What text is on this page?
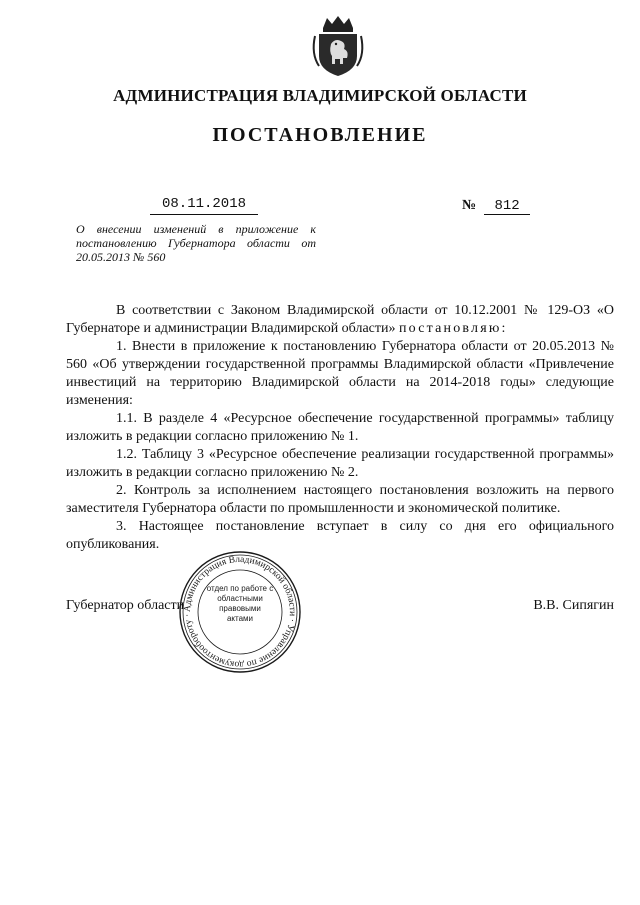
АДМИНИСТРАЦИЯ ВЛАДИМИРСКОЙ ОБЛАСТИ
ПОСТАНОВЛЕНИЕ
08.11.2018	№ 812
О внесении изменений в приложение к постановлению Губернатора области от 20.05.2013 № 560

В соответствии с Законом Владимирской области от 10.12.2001 № 129-ОЗ «О Губернаторе и администрации Владимирской области» постановляю:

1. Внести в приложение к постановлению Губернатора области от 20.05.2013 № 560 «Об утверждении государственной программы Владимирской области «Привлечение инвестиций на территорию Владимирской области на 2014-2018 годы» следующие изменения:

1.1. В разделе 4 «Ресурсное обеспечение государственной программы» таблицу изложить в редакции согласно приложению № 1.

1.2. Таблицу 3 «Ресурсное обеспечение реализации государственной программы» изложить в редакции согласно приложению № 2.

2. Контроль за исполнением настоящего постановления возложить на первого заместителя Губернатора области по промышленности и экономической политике.

3. Настоящее постановление вступает в силу со дня его официального опубликования.

Губернатор области	В.В. Сипягин
Администрация Владимирской области · Управление по документообороту ·
отдел по работе с областными правовыми актами
